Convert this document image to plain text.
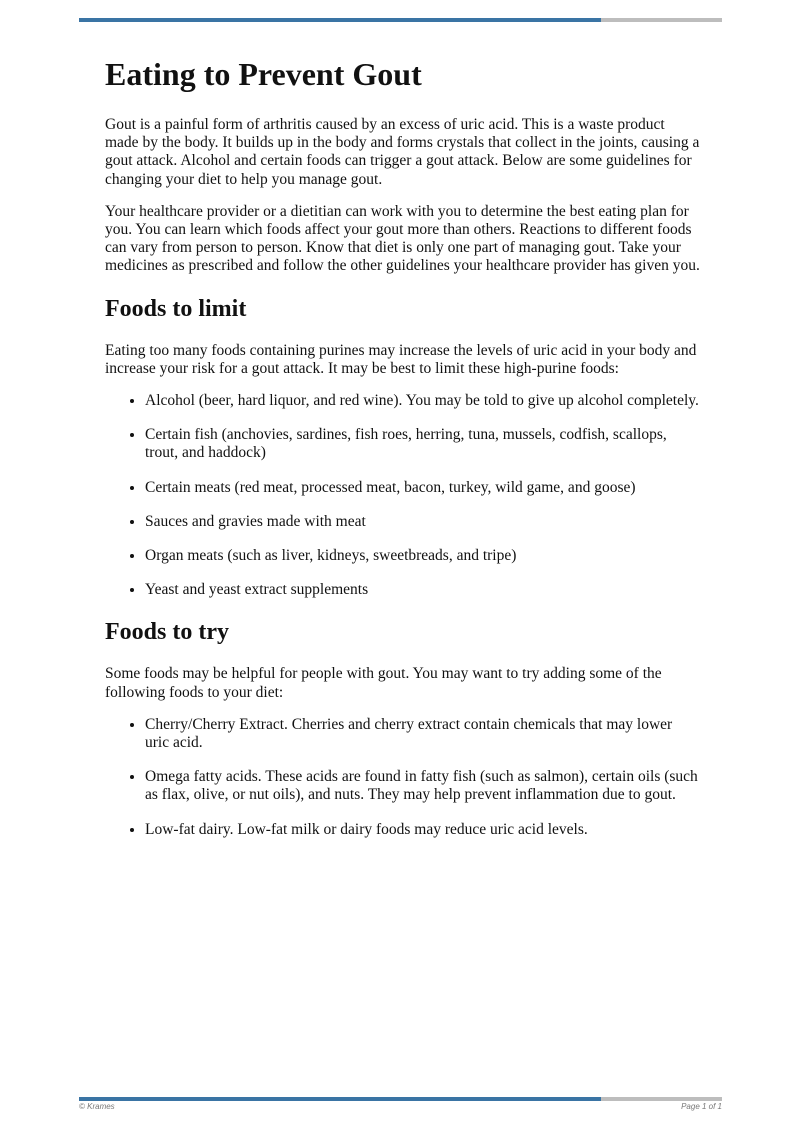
Eating to Prevent Gout

Gout is a painful form of arthritis caused by an excess of uric acid. This is a waste product made by the body. It builds up in the body and forms crystals that collect in the joints, causing a gout attack. Alcohol and certain foods can trigger a gout attack. Below are some guidelines for changing your diet to help you manage gout.

Your healthcare provider or a dietitian can work with you to determine the best eating plan for you. You can learn which foods affect your gout more than others. Reactions to different foods can vary from person to person. Know that diet is only one part of managing gout. Take your medicines as prescribed and follow the other guidelines your healthcare provider has given you.

Foods to limit

Eating too many foods containing purines may increase the levels of uric acid in your body and increase your risk for a gout attack. It may be best to limit these high-purine foods:

• Alcohol (beer, hard liquor, and red wine). You may be told to give up alcohol completely.
• Certain fish (anchovies, sardines, fish roes, herring, tuna, mussels, codfish, scallops, trout, and haddock)
• Certain meats (red meat, processed meat, bacon, turkey, wild game, and goose)
• Sauces and gravies made with meat
• Organ meats (such as liver, kidneys, sweetbreads, and tripe)
• Yeast and yeast extract supplements
Foods to try

Some foods may be helpful for people with gout. You may want to try adding some of the following foods to your diet:

• Cherry/Cherry Extract. Cherries and cherry extract contain chemicals that may lower uric acid.
• Omega fatty acids. These acids are found in fatty fish (such as salmon), certain oils (such as flax, olive, or nut oils), and nuts. They may help prevent inflammation due to gout.
• Low-fat dairy. Low-fat milk or dairy foods may reduce uric acid levels.
© Krames	Page 1 of 1
